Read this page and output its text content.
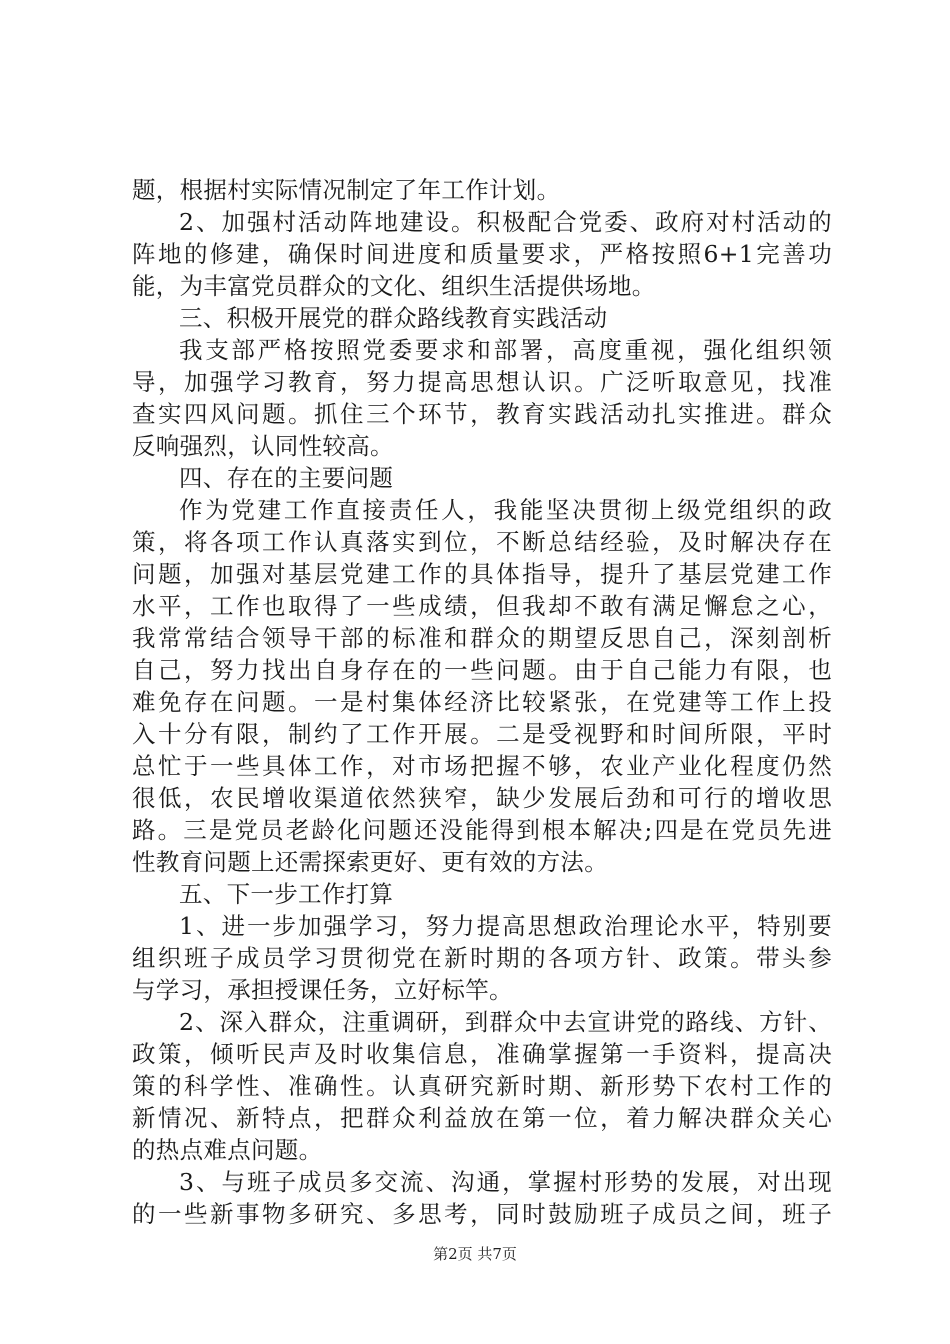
题，根据村实际情况制定了年工作计划。
2、加强村活动阵地建设。积极配合党委、政府对村活动的
阵地的修建，确保时间进度和质量要求，严格按照6+1完善功
能，为丰富党员群众的文化、组织生活提供场地。
三、积极开展党的群众路线教育实践活动
我支部严格按照党委要求和部署，高度重视，强化组织领
导，加强学习教育，努力提高思想认识。广泛听取意见，找准
查实四风问题。抓住三个环节，教育实践活动扎实推进。群众
反响强烈，认同性较高。
四、存在的主要问题
作为党建工作直接责任人，我能坚决贯彻上级党组织的政
策，将各项工作认真落实到位，不断总结经验，及时解决存在
问题，加强对基层党建工作的具体指导，提升了基层党建工作
水平，工作也取得了一些成绩，但我却不敢有满足懈怠之心，
我常常结合领导干部的标准和群众的期望反思自己，深刻剖析
自己，努力找出自身存在的一些问题。由于自己能力有限，也
难免存在问题。一是村集体经济比较紧张，在党建等工作上投
入十分有限，制约了工作开展。二是受视野和时间所限，平时
总忙于一些具体工作，对市场把握不够，农业产业化程度仍然
很低，农民增收渠道依然狭窄，缺少发展后劲和可行的增收思
路。三是党员老龄化问题还没能得到根本解决;四是在党员先进
性教育问题上还需探索更好、更有效的方法。
五、下一步工作打算
1、进一步加强学习，努力提高思想政治理论水平，特别要
组织班子成员学习贯彻党在新时期的各项方针、政策。带头参
与学习，承担授课任务，立好标竿。
2、深入群众，注重调研，到群众中去宣讲党的路线、方针、
政策，倾听民声及时收集信息，准确掌握第一手资料，提高决
策的科学性、准确性。认真研究新时期、新形势下农村工作的
新情况、新特点，把群众利益放在第一位，着力解决群众关心
的热点难点问题。
3、与班子成员多交流、沟通，掌握村形势的发展，对出现
的一些新事物多研究、多思考，同时鼓励班子成员之间，班子
第2页 共7页
